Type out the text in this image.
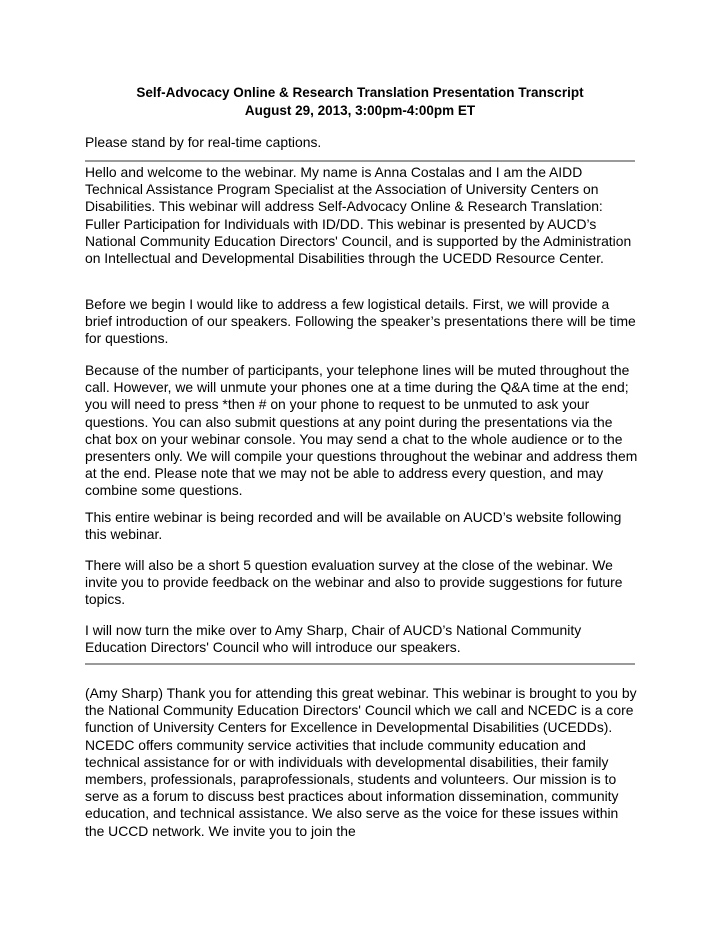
Self-Advocacy Online & Research Translation Presentation Transcript

August 29, 2013, 3:00pm-4:00pm ET

Please stand by for real-time captions.

Hello and welcome to the webinar. My name is Anna Costalas and I am the AIDD Technical Assistance Program Specialist at the Association of University Centers on Disabilities. This webinar will address Self-Advocacy Online & Research Translation: Fuller Participation for Individuals with ID/DD. This webinar is presented by AUCD’s National Community Education Directors' Council, and is supported by the Administration on Intellectual and Developmental Disabilities through the UCEDD Resource Center.

Before we begin I would like to address a few logistical details. First, we will provide a brief introduction of our speakers. Following the speaker’s presentations there will be time for questions.

Because of the number of participants, your telephone lines will be muted throughout the call. However, we will unmute your phones one at a time during the Q&A time at the end; you will need to press *then # on your phone to request to be unmuted to ask your questions. You can also submit questions at any point during the presentations via the chat box on your webinar console. You may send a chat to the whole audience or to the presenters only. We will compile your questions throughout the webinar and address them at the end. Please note that we may not be able to address every question, and may combine some questions.

This entire webinar is being recorded and will be available on AUCD’s website following this webinar.

There will also be a short 5 question evaluation survey at the close of the webinar. We invite you to provide feedback on the webinar and also to provide suggestions for future topics.

I will now turn the mike over to Amy Sharp, Chair of AUCD’s National Community Education Directors' Council who will introduce our speakers.

(Amy Sharp) Thank you for attending this great webinar. This webinar is brought to you by the National Community Education Directors' Council which we call and NCEDC is a core function of University Centers for Excellence in Developmental Disabilities (UCEDDs). NCEDC offers community service activities that include community education and technical assistance for or with individuals with developmental disabilities, their family members, professionals, paraprofessionals, students and volunteers. Our mission is to serve as a forum to discuss best practices about information dissemination, community education, and technical assistance. We also serve as the voice for these issues within the UCCD network. We invite you to join the
